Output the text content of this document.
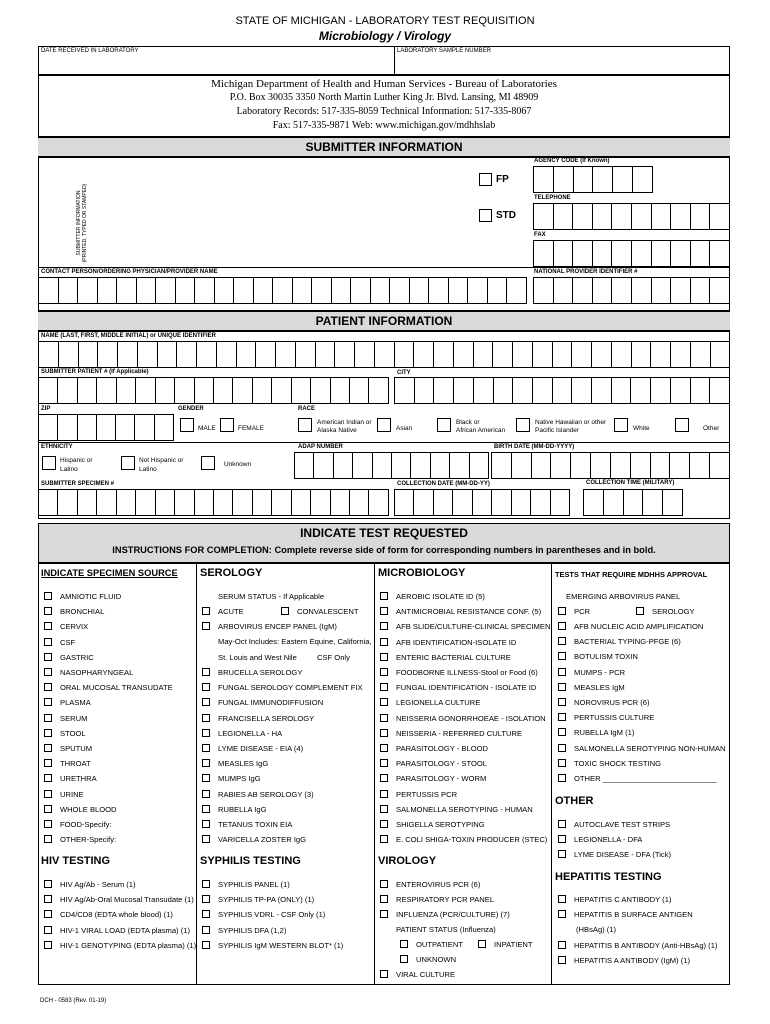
STATE OF MICHIGAN - LABORATORY TEST REQUISITION
Microbiology / Virology
DATE RECEIVED IN LABORATORY	LABORATORY SAMPLE NUMBER
Michigan Department of Health and Human Services - Bureau of Laboratories
P.O. Box 30035 3350 North Martin Luther King Jr. Blvd. Lansing, MI 48909
Laboratory Records: 517-335-8059 Technical Information: 517-335-8067
Fax: 517-335-9871 Web: www.michigan.gov/mdhhslab
SUBMITTER INFORMATION
SUBMITTER INFORMATION (PRINTED, TYPED OR STAMPED)
FP
STD
AGENCY CODE (If Known)
TELEPHONE
FAX
CONTACT PERSON/ORDERING PHYSICIAN/PROVIDER NAME	NATIONAL PROVIDER IDENTIFIER #
PATIENT INFORMATION
NAME (LAST, FIRST, MIDDLE INITIAL) or UNIQUE IDENTIFIER
SUBMITTER PATIENT # (If Applicable)	CITY
ZIP	GENDER
MALE	FEMALE
RACE
American Indian or
Alaska Native	Asian
Black or
African American
Native Hawaiian or other
Pacific Islander	White	Other
ETHNICITY
Hispanic or
Latino
Not Hispanic or
Latino
Unknown
ADAP NUMBER	BIRTH DATE (MM-DD-YYYY)
SUBMITTER SPECIMEN #	COLLECTION DATE (MM-DD-YY)	COLLECTION TIME (MILITARY)
INDICATE TEST REQUESTED
INSTRUCTIONS FOR COMPLETION: Complete reverse side of form for corresponding numbers in parentheses and in bold.
INDICATE SPECIMEN SOURCE SEROLOGY	MICROBIOLOGY	TESTS THAT REQUIRE MDHHS APPROVAL
AMNIOTIC FLUID
BRONCHIAL
CERVIX
CSF
GASTRIC
NASOPHARYNGEAL
ORAL MUCOSAL TRANSUDATE
PLASMA
SERUM
STOOL
SPUTUM
THROAT
URETHRA
URINE
WHOLE BLOOD
FOOD-Specify:
OTHER-Specify:
SERUM STATUS - If Applicable
ACUTE	CONVALESCENT
ARBOVIRUS ENCEP PANEL (IgM)
May-Oct Includes: Eastern Equine, California,
St. Louis and West Nile	CSF Only
BRUCELLA SEROLOGY
FUNGAL SEROLOGY COMPLEMENT FIX
FUNGAL IMMUNODIFFUSION
FRANCISELLA SEROLOGY
LEGIONELLA - HA
LYME DISEASE - EIA (4)
MEASLES IgG
MUMPS IgG
RABIES AB SEROLOGY (3)
RUBELLA IgG
TETANUS TOXIN EIA
VARICELLA ZOSTER IgG
AEROBIC ISOLATE ID (5)
ANTIMICROBIAL RESISTANCE CONF. (5)
AFB SLIDE/CULTURE-CLINICAL SPECIMEN
AFB IDENTIFICATION-ISOLATE ID
ENTERIC BACTERIAL CULTURE
FOODBORNE ILLNESS-Stool or Food (6)
FUNGAL IDENTIFICATION - ISOLATE ID
LEGIONELLA CULTURE
NEISSERIA GONORRHOEAE - ISOLATION
NEISSERIA - REFERRED CULTURE
PARASITOLOGY - BLOOD
PARASITOLOGY - STOOL
PARASITOLOGY - WORM
PERTUSSIS PCR
SALMONELLA SEROTYPING - HUMAN
SHIGELLA SEROTYPING
E. COLI SHIGA-TOXIN PRODUCER (STEC)
EMERGING ARBOVIRUS PANEL
PCR	SEROLOGY
AFB NUCLEIC ACID AMPLIFICATION
BACTERIAL TYPING-PFGE (6)
BOTULISM TOXIN
MUMPS - PCR
MEASLES IgM
NOROVIRUS PCR (6)
PERTUSSIS CULTURE
RUBELLA IgM (1)
SALMONELLA SEROTYPING NON-HUMAN
TOXIC SHOCK TESTING
OTHER ___________________________
OTHER
AUTOCLAVE TEST STRIPS
LEGIONELLA - DFA
LYME DISEASE - DFA (Tick)
HIV TESTING
HIV Ag/Ab - Serum (1)
HIV Ag/Ab-Oral Mucosal Transudate (1)
CD4/CD8 (EDTA whole blood) (1)
HIV-1 VIRAL LOAD (EDTA plasma) (1)
HIV-1 GENOTYPING (EDTA plasma) (1)
SYPHILIS TESTING
SYPHILIS PANEL (1)
SYPHILIS TP-PA (ONLY) (1)
SYPHILIS VDRL - CSF Only (1)
SYPHILIS DFA (1,2)
SYPHILIS IgM WESTERN BLOT* (1)
VIROLOGY
ENTEROVIRUS PCR (6)
RESPIRATORY PCR PANEL
INFLUENZA (PCR/CULTURE) (7)
PATIENT STATUS (Influenza)
OUTPATIENT	INPATIENT
UNKNOWN
VIRAL CULTURE
HEPATITIS TESTING
HEPATITIS C ANTIBODY (1)
HEPATITIS B SURFACE ANTIGEN
(HBsAg) (1)
HEPATITIS B ANTIBODY (Anti-HBsAg) (1)
HEPATITIS A ANTIBODY (IgM) (1)
DCH - 0583 (Rev. 01-19)
